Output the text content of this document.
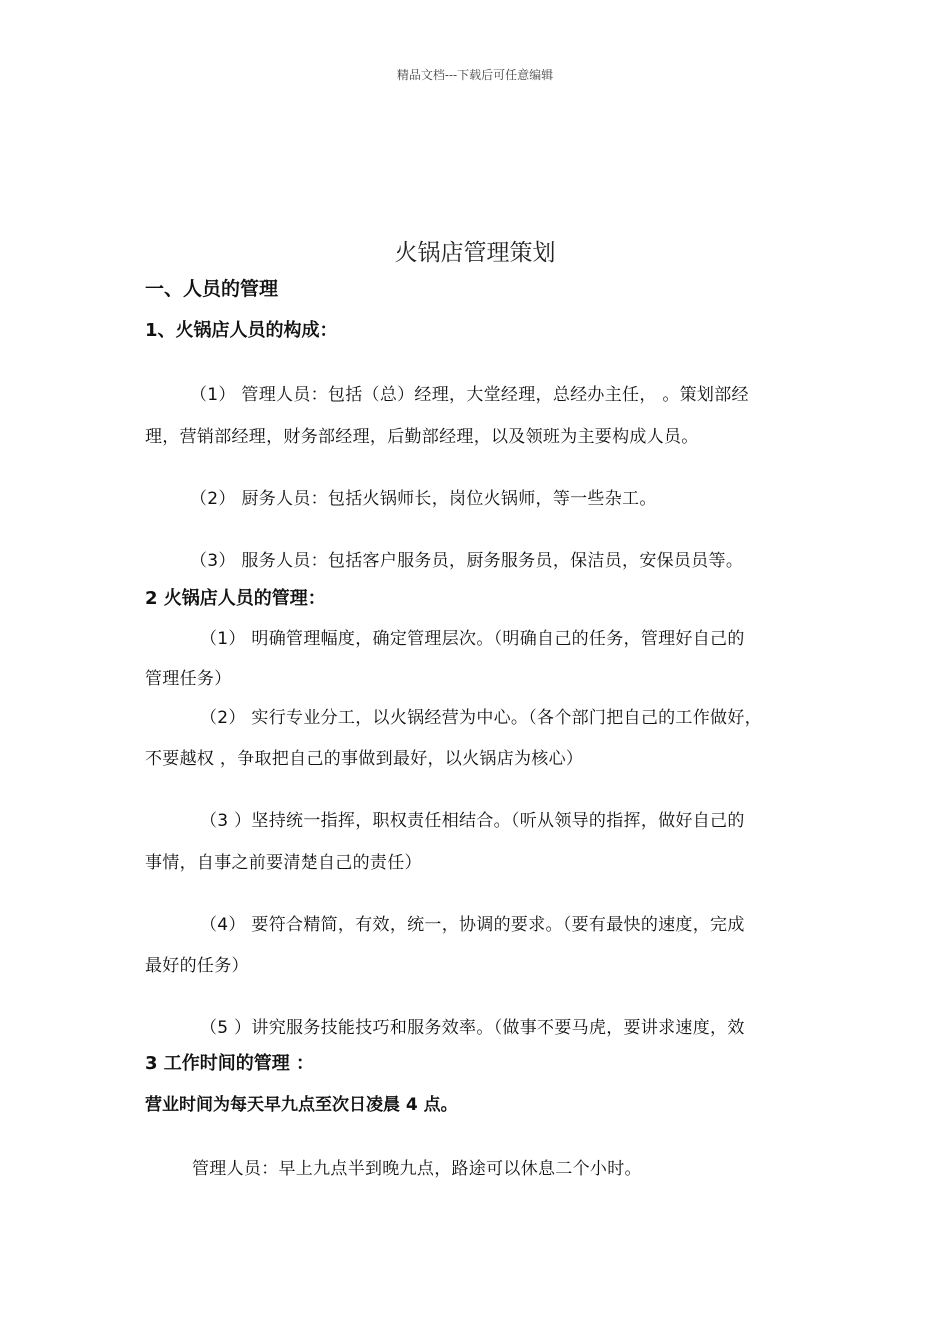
精品文档---下载后可任意编辑
火锅店管理策划
一、人员的管理
1、火锅店人员的构成：
（1） 管理人员：包括（总）经理，大堂经理，总经办主任， 。策划部经
理，营销部经理，财务部经理，后勤部经理，以及领班为主要构成人员。
（2） 厨务人员：包括火锅师长，岗位火锅师，等一些杂工。
（3） 服务人员：包括客户服务员，厨务服务员，保洁员，安保员员等。
2 火锅店人员的管理：
（1） 明确管理幅度，确定管理层次。（明确自己的任务，管理好自己的
管理任务）
（2） 实行专业分工，以火锅经营为中心。（各个部门把自己的工作做好，
不要越权 ，争取把自己的事做到最好，以火锅店为核心）
（3 ）坚持统一指挥，职权责任相结合。（听从领导的指挥，做好自己的
事情，自事之前要清楚自己的责任）
（4） 要符合精简，有效，统一，协调的要求。（要有最快的速度，完成
最好的任务）
（5 ）讲究服务技能技巧和服务效率。（做事不要马虎，要讲求速度，效
3 工作时间的管理 ：
营业时间为每天早九点至次日凌晨 4 点。
管理人员：早上九点半到晚九点，路途可以休息二个小时。
